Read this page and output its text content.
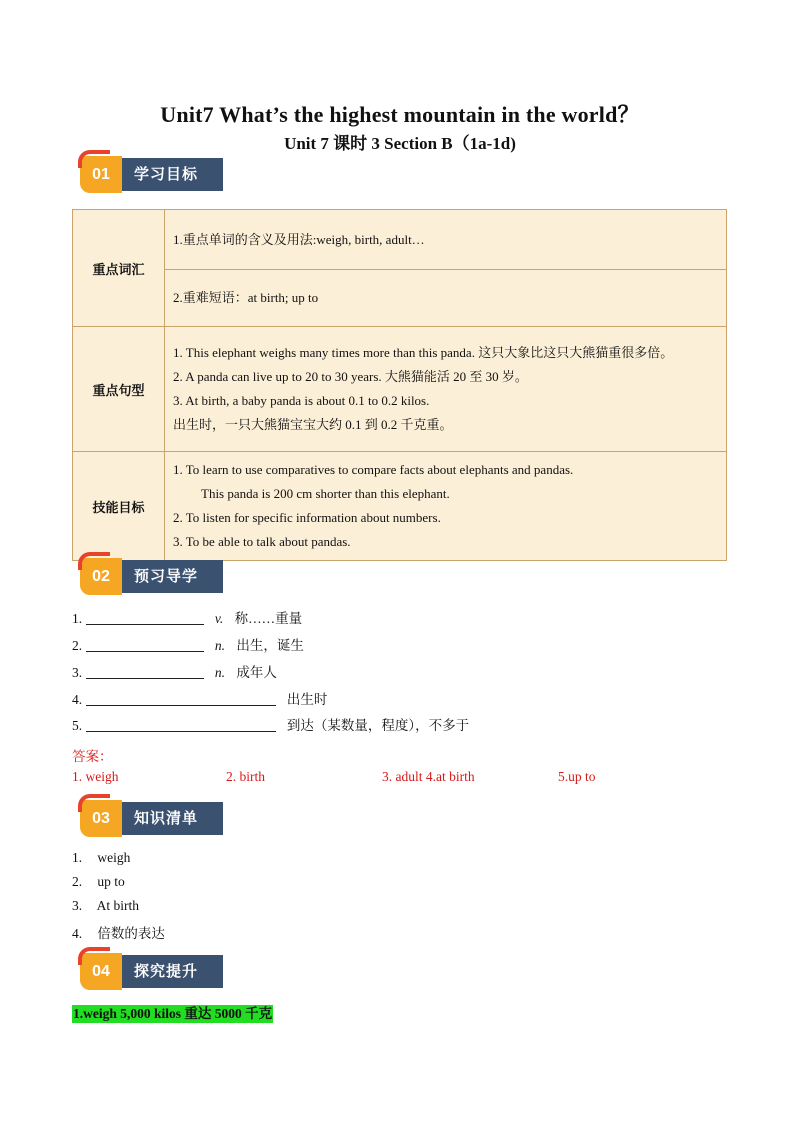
Unit7 What’s the highest mountain in the world？
Unit 7 课时 3 Section B（1a-1d)
01	学习目标
重点词汇	1.重点单词的含义及用法:weigh, birth, adult…
	2.重难短语：at birth; up to
重点句型	1. This elephant weighs many times more than this panda. 这只大象比这只大熊猫重很多倍。
2. A panda can live up to 20 to 30 years. 大熊猫能活 20 至 30 岁。
3. At birth, a baby panda is about 0.1 to 0.2 kilos.
出生时，一只大熊猫宝宝大约 0.1 到 0.2 千克重。

技能目标	1. To learn to use comparatives to compare facts about elephants and pandas.
This panda is 200 cm shorter than this elephant.
2. To listen for specific information about numbers.
3. To be able to talk about pandas.
02	预习导学
1.	v. 称……重量
2.	n. 出生，诞生
3.	n. 成年人
4.	出生时
5.	到达（某数量，程度），不多于
答案：
1. weigh	2. birth	3. adult 4.at birth	5.up to
03	知识清单
1. weigh
2. up to
3. At birth
4. 倍数的表达
04	探究提升
1.weigh 5,000 kilos 重达 5000 千克
